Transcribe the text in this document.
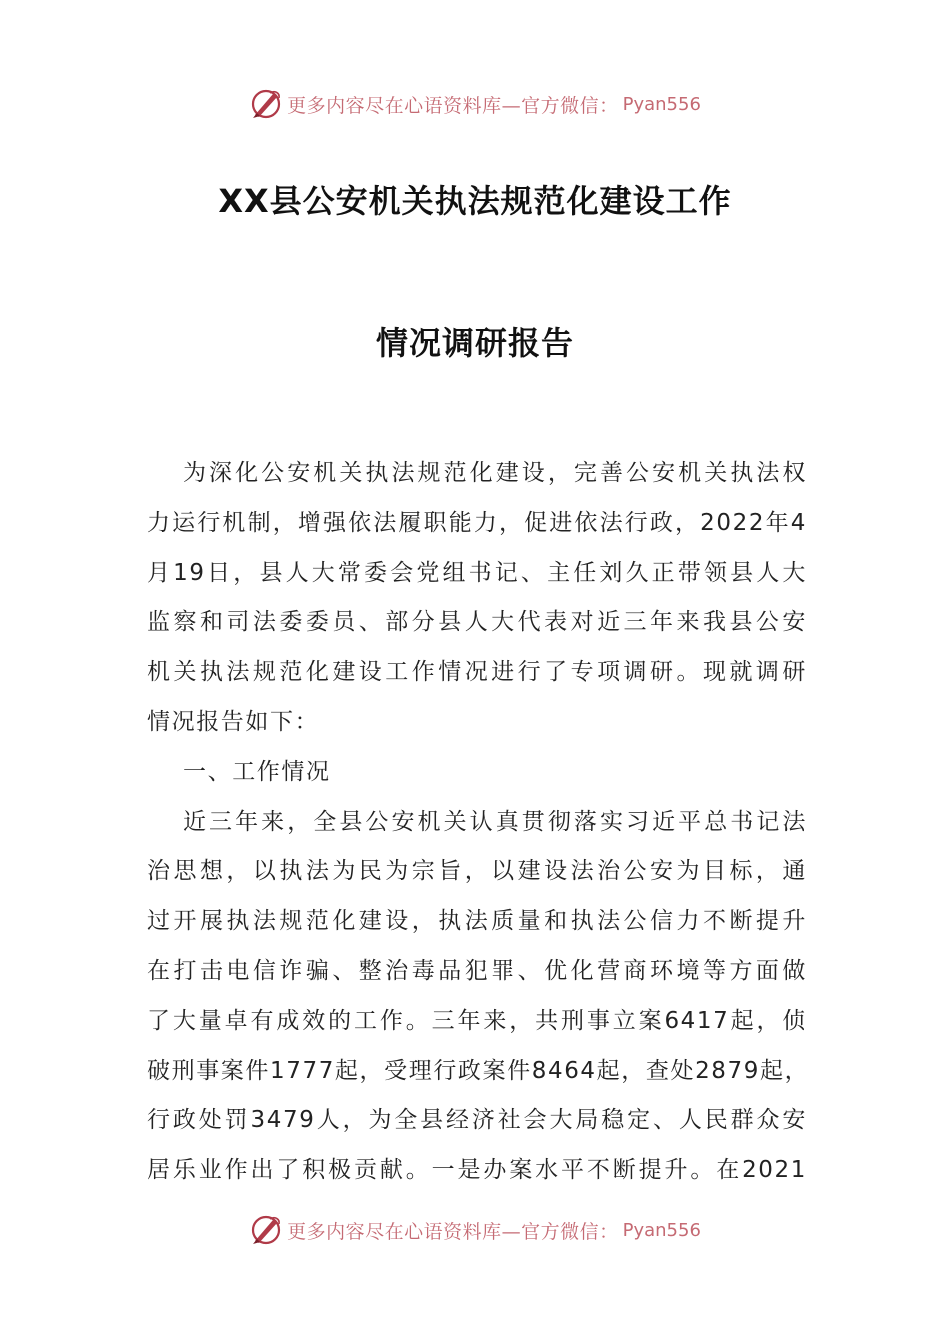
更多内容尽在心语资料库—官方微信： Pyan556
XX县公安机关执法规范化建设工作
情况调研报告

为深化公安机关执法规范化建设，完善公安机关执法权
力运行机制，增强依法履职能力，促进依法行政，2022年4
月19日，县人大常委会党组书记、主任刘久正带领县人大
监察和司法委委员、部分县人大代表对近三年来我县公安
机关执法规范化建设工作情况进行了专项调研。现就调研
情况报告如下：

一、工作情况

近三年来，全县公安机关认真贯彻落实习近平总书记法
治思想，以执法为民为宗旨，以建设法治公安为目标，通
过开展执法规范化建设，执法质量和执法公信力不断提升
在打击电信诈骗、整治毒品犯罪、优化营商环境等方面做
了大量卓有成效的工作。三年来，共刑事立案6417起，侦
破刑事案件1777起，受理行政案件8464起，查处2879起，
行政处罚3479人，为全县经济社会大局稳定、人民群众安
居乐业作出了积极贡献。一是办案水平不断提升。在2021

更多内容尽在心语资料库—官方微信： Pyan556
